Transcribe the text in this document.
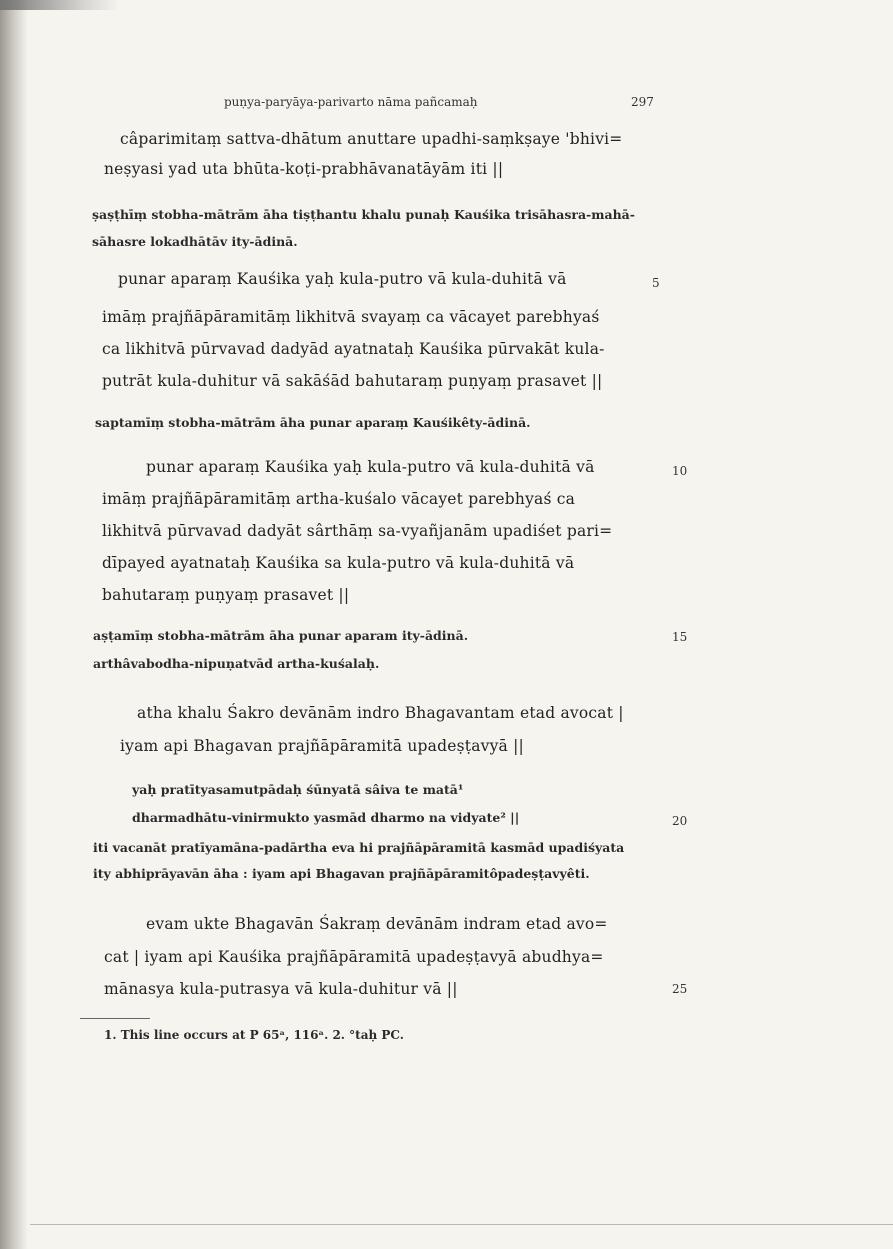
puṇya-paryāya-parivarto nāma pañcamaḥ	297
câparimitaṃ sattva-dhātum anuttare upadhi-saṃkṣaye 'bhivi=
neṣyasi yad uta bhūta-koṭi-prabhāvanatāyām iti ||
ṣaṣṭhīṃ stobha-mātrām āha tiṣṭhantu khalu punaḥ Kauśika trisāhasra-mahā-
sāhasre lokadhātāv ity-ādinā.
punar aparaṃ Kauśika yaḥ kula-putro vā kula-duhitā vā	5
imāṃ prajñāpāramitāṃ likhitvā svayaṃ ca vācayet parebhyaś
ca likhitvā pūrvavad dadyād ayatnataḥ Kauśika pūrvakāt kula-
putrāt kula-duhitur vā sakāśād bahutaraṃ puṇyaṃ prasavet ||
saptamīṃ stobha-mātrām āha punar aparaṃ Kauśikêty-ādinā.
punar aparaṃ Kauśika yaḥ kula-putro vā kula-duhitā vā	10
imāṃ prajñāpāramitāṃ artha-kuśalo vācayet parebhyaś ca
likhitvā pūrvavad dadyāt sârthāṃ sa-vyañjanām upadiśet pari=
dīpayed ayatnataḥ Kauśika sa kula-putro vā kula-duhitā vā
bahutaraṃ puṇyaṃ prasavet ||
aṣṭamīṃ stobha-mātrām āha punar aparam ity-ādinā.	15
arthâvabodha-nipuṇatvād artha-kuśalaḥ.
atha khalu Śakro devānām indro Bhagavantam etad avocat |
iyam api Bhagavan prajñāpāramitā upadeṣṭavyā ||
yaḥ pratītyasamutpādaḥ śūnyatā sâiva te matā¹
dharmadhātu-vinirmukto yasmād dharmo na vidyate² ||	20
iti vacanāt pratīyamāna-padārtha eva hi prajñāpāramitā kasmād upadiśyata
ity abhiprāyavān āha : iyam api Bhagavan prajñāpāramitôpadeṣṭavyêti.
evam ukte Bhagavān Śakraṃ devānām indram etad avo=
cat | iyam api Kauśika prajñāpāramitā upadeṣṭavyā abudhya=
mānasya kula-putrasya vā kula-duhitur vā ||	25
1. This line occurs at P 65ᵃ, 116ᵃ. 2. °taḥ PC.
